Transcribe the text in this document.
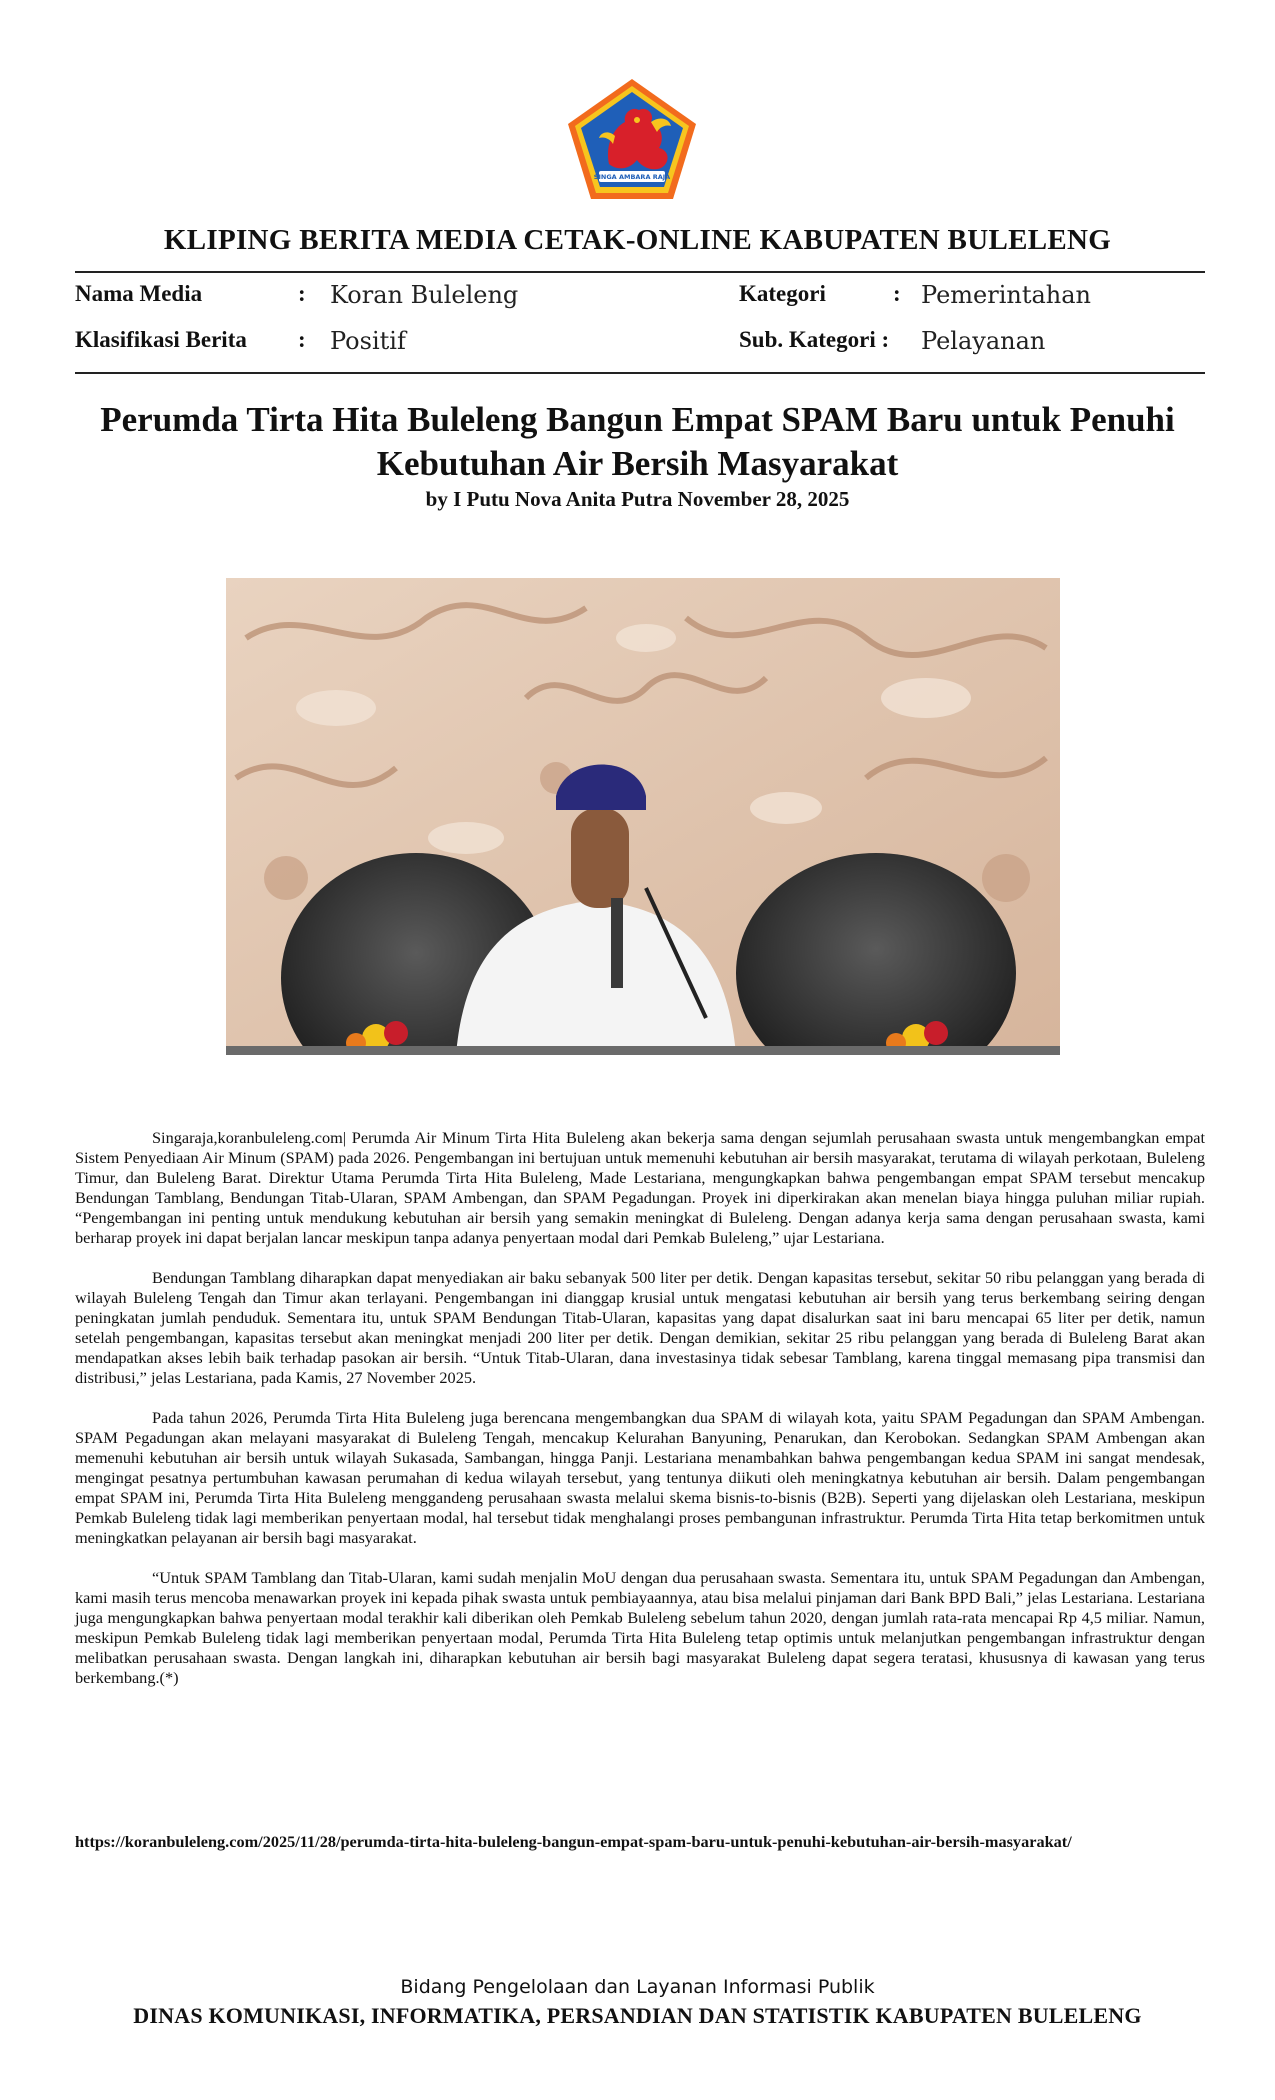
SINGA AMBARA RAJA
KLIPING BERITA MEDIA CETAK-ONLINE KABUPATEN BULELENG
Nama Media	: Koran Buleleng	Kategori	: Pemerintahan
Klasifikasi Berita : Positif	Sub. Kategori : Pelayanan
Perumda Tirta Hita Buleleng Bangun Empat SPAM Baru untuk Penuhi Kebutuhan Air Bersih Masyarakat
by I Putu Nova Anita Putra November 28, 2025

Singaraja,koranbuleleng.com| Perumda Air Minum Tirta Hita Buleleng akan bekerja sama dengan sejumlah perusahaan swasta untuk mengembangkan empat Sistem Penyediaan Air Minum (SPAM) pada 2026. Pengembangan ini bertujuan untuk memenuhi kebutuhan air bersih masyarakat, terutama di wilayah perkotaan, Buleleng Timur, dan Buleleng Barat. Direktur Utama Perumda Tirta Hita Buleleng, Made Lestariana, mengungkapkan bahwa pengembangan empat SPAM tersebut mencakup Bendungan Tamblang, Bendungan Titab-Ularan, SPAM Ambengan, dan SPAM Pegadungan. Proyek ini diperkirakan akan menelan biaya hingga puluhan miliar rupiah. “Pengembangan ini penting untuk mendukung kebutuhan air bersih yang semakin meningkat di Buleleng. Dengan adanya kerja sama dengan perusahaan swasta, kami berharap proyek ini dapat berjalan lancar meskipun tanpa adanya penyertaan modal dari Pemkab Buleleng,” ujar Lestariana.

Bendungan Tamblang diharapkan dapat menyediakan air baku sebanyak 500 liter per detik. Dengan kapasitas tersebut, sekitar 50 ribu pelanggan yang berada di wilayah Buleleng Tengah dan Timur akan terlayani. Pengembangan ini dianggap krusial untuk mengatasi kebutuhan air bersih yang terus berkembang seiring dengan peningkatan jumlah penduduk. Sementara itu, untuk SPAM Bendungan Titab-Ularan, kapasitas yang dapat disalurkan saat ini baru mencapai 65 liter per detik, namun setelah pengembangan, kapasitas tersebut akan meningkat menjadi 200 liter per detik. Dengan demikian, sekitar 25 ribu pelanggan yang berada di Buleleng Barat akan mendapatkan akses lebih baik terhadap pasokan air bersih. “Untuk Titab-Ularan, dana investasinya tidak sebesar Tamblang, karena tinggal memasang pipa transmisi dan distribusi,” jelas Lestariana, pada Kamis, 27 November 2025.

Pada tahun 2026, Perumda Tirta Hita Buleleng juga berencana mengembangkan dua SPAM di wilayah kota, yaitu SPAM Pegadungan dan SPAM Ambengan. SPAM Pegadungan akan melayani masyarakat di Buleleng Tengah, mencakup Kelurahan Banyuning, Penarukan, dan Kerobokan. Sedangkan SPAM Ambengan akan memenuhi kebutuhan air bersih untuk wilayah Sukasada, Sambangan, hingga Panji. Lestariana menambahkan bahwa pengembangan kedua SPAM ini sangat mendesak, mengingat pesatnya pertumbuhan kawasan perumahan di kedua wilayah tersebut, yang tentunya diikuti oleh meningkatnya kebutuhan air bersih. Dalam pengembangan empat SPAM ini, Perumda Tirta Hita Buleleng menggandeng perusahaan swasta melalui skema bisnis-to-bisnis (B2B). Seperti yang dijelaskan oleh Lestariana, meskipun Pemkab Buleleng tidak lagi memberikan penyertaan modal, hal tersebut tidak menghalangi proses pembangunan infrastruktur. Perumda Tirta Hita tetap berkomitmen untuk meningkatkan pelayanan air bersih bagi masyarakat.

“Untuk SPAM Tamblang dan Titab-Ularan, kami sudah menjalin MoU dengan dua perusahaan swasta. Sementara itu, untuk SPAM Pegadungan dan Ambengan, kami masih terus mencoba menawarkan proyek ini kepada pihak swasta untuk pembiayaannya, atau bisa melalui pinjaman dari Bank BPD Bali,” jelas Lestariana. Lestariana juga mengungkapkan bahwa penyertaan modal terakhir kali diberikan oleh Pemkab Buleleng sebelum tahun 2020, dengan jumlah rata-rata mencapai Rp 4,5 miliar. Namun, meskipun Pemkab Buleleng tidak lagi memberikan penyertaan modal, Perumda Tirta Hita Buleleng tetap optimis untuk melanjutkan pengembangan infrastruktur dengan melibatkan perusahaan swasta. Dengan langkah ini, diharapkan kebutuhan air bersih bagi masyarakat Buleleng dapat segera teratasi, khususnya di kawasan yang terus berkembang.(*)

https://koranbuleleng.com/2025/11/28/perumda-tirta-hita-buleleng-bangun-empat-spam-baru-untuk-penuhi-kebutuhan-air-bersih-masyarakat/
Bidang Pengelolaan dan Layanan Informasi Publik
DINAS KOMUNIKASI, INFORMATIKA, PERSANDIAN DAN STATISTIK KABUPATEN BULELENG
